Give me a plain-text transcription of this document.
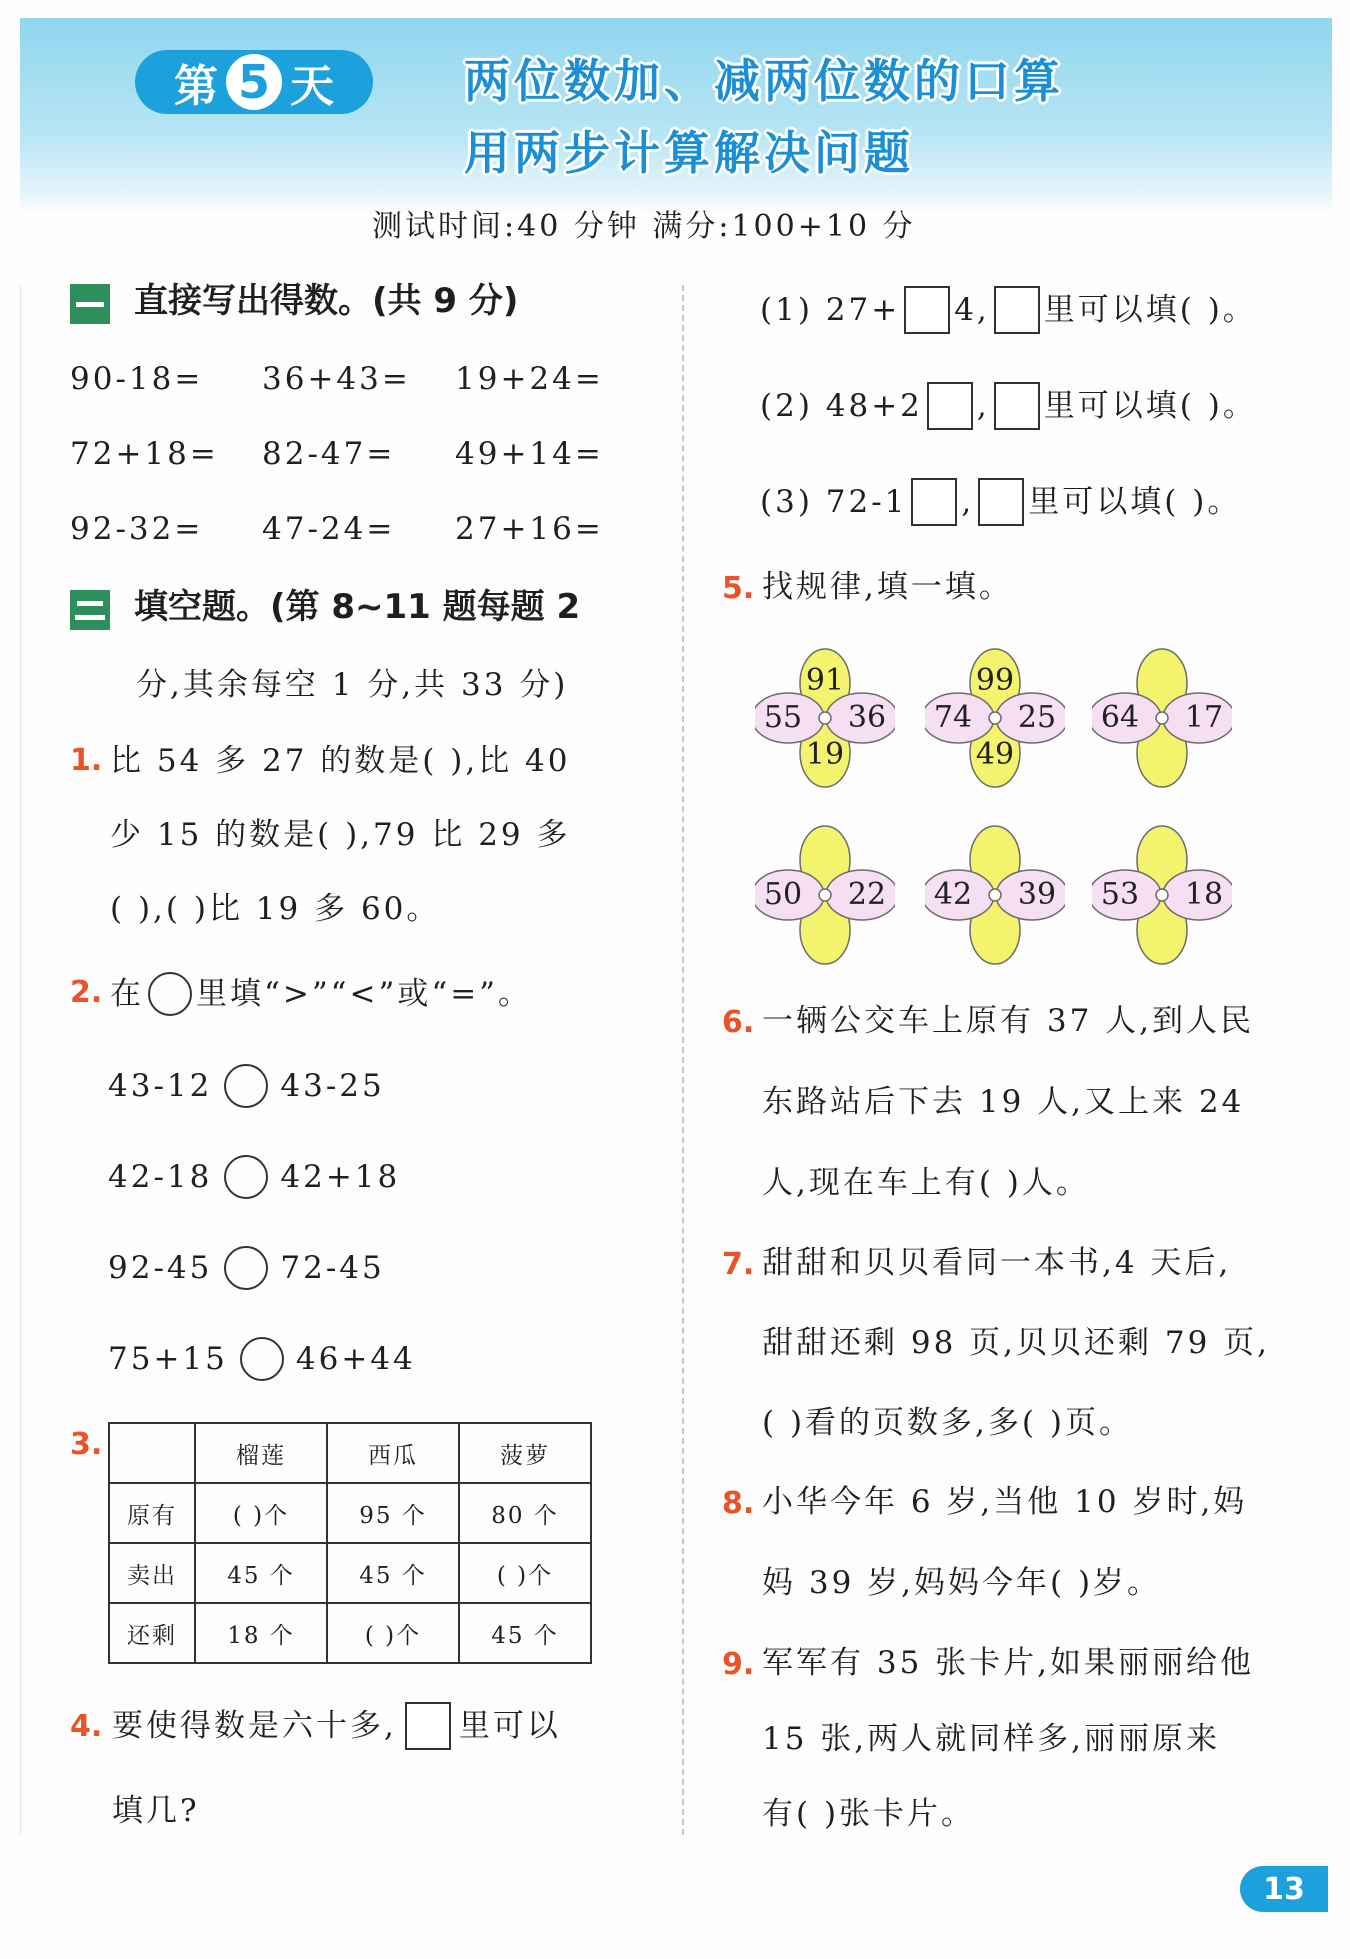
第 5 天	两位数加、减两位数的口算
用两步计算解决问题
测试时间:40 分钟 满分:100+10 分
直接写出得数。(共 9 分)
90-18= 36+43= 19+24=
72+18= 82-47= 49+14=
92-32= 47-24= 27+16=
填空题。(第 8~11 题每题 2
分,其余每空 1 分,共 33 分)
1. 比 54 多 27 的数是( ),比 40
少 15 的数是( ),79 比 29 多
( ),( )比 19 多 60。
2. 在 里填“>”“<”或“=”。
43-12 43-25
42-18 42+18
92-45 72-45
75+15 46+44
3.
		榴莲	西瓜	菠萝
原有	( )个	95 个	80 个
卖出	45 个	45 个	( )个
还剩	18 个	( )个	45 个
4. 要使得数是六十多, 里可以
填几?
(1) 27+ 4, 里可以填( )。
(2) 48+2 , 里可以填( )。
(3) 72-1 , 里可以填( )。
5. 找规律,填一填。
91
55 36
19
99
74 25
49
64 17
50 22 42 39 53 18
6. 一辆公交车上原有 37 人,到人民
东路站后下去 19 人,又上来 24
人,现在车上有( )人。
7. 甜甜和贝贝看同一本书,4 天后,
甜甜还剩 98 页,贝贝还剩 79 页,
( )看的页数多,多( )页。
8. 小华今年 6 岁,当他 10 岁时,妈
妈 39 岁,妈妈今年( )岁。
9. 军军有 35 张卡片,如果丽丽给他
15 张,两人就同样多,丽丽原来
有( )张卡片。
13
